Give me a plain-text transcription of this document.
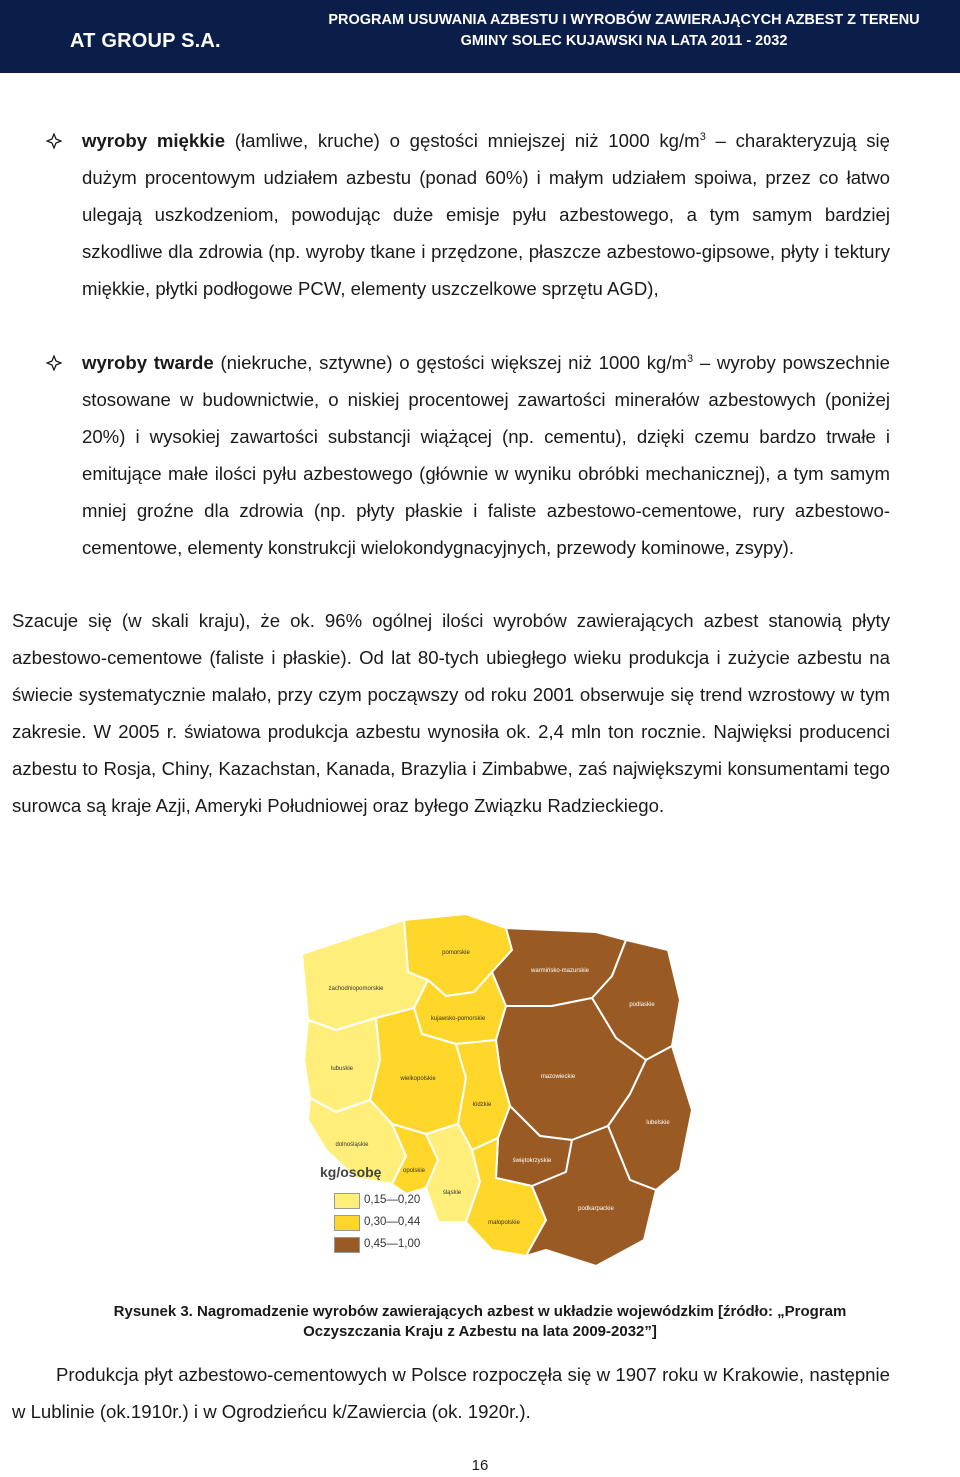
AT GROUP S.A.
PROGRAM USUWANIA AZBESTU I WYROBÓW ZAWIERAJĄCYCH AZBEST Z TERENU
GMINY SOLEC KUJAWSKI NA LATA 2011 - 2032
wyroby miękkie (łamliwe, kruche) o gęstości mniejszej niż 1000 $kg/m^3$ – charakteryzują się dużym procentowym udziałem azbestu (ponad 60%) i małym udziałem spoiwa, przez co łatwo ulegają uszkodzeniom, powodując duże emisje pyłu azbestowego, a tym samym bardziej szkodliwe dla zdrowia (np. wyroby tkane i przędzone, płaszcze azbestowo-gipsowe, płyty i tektury miękkie, płytki podłogowe PCW, elementy uszczelkowe sprzętu AGD),
wyroby twarde (niekruche, sztywne) o gęstości większej niż 1000 $kg/m^3$ – wyroby powszechnie stosowane w budownictwie, o niskiej procentowej zawartości minerałów azbestowych (poniżej 20%) i wysokiej zawartości substancji wiążącej (np. cementu), dzięki czemu bardzo trwałe i emitujące małe ilości pyłu azbestowego (głównie w wyniku obróbki mechanicznej), a tym samym mniej groźne dla zdrowia (np. płyty płaskie i faliste azbestowo-cementowe, rury azbestowo-cementowe, elementy konstrukcji wielokondygnacyjnych, przewody kominowe, zsypy).
Szacuje się (w skali kraju), że ok. 96% ogólnej ilości wyrobów zawierających azbest stanowią płyty azbestowo-cementowe (faliste i płaskie). Od lat 80-tych ubiegłego wieku produkcja i zużycie azbestu na świecie systematycznie malało, przy czym począwszy od roku 2001 obserwuje się trend wzrostowy w tym zakresie. W 2005 r. światowa produkcja azbestu wynosiła ok. 2,4 mln ton rocznie. Najwięksi producenci azbestu to Rosja, Chiny, Kazachstan, Kanada, Brazylia i Zimbabwe, zaś największymi konsumentami tego surowca są kraje Azji, Ameryki Południowej oraz byłego Związku Radzieckiego.
pomorskie
zachodniopomorskie
kujawsko-pomorskie
warmińsko-mazurskie
podlaskie
lubuskie
wielkopolskie	mazowieckie
łódzkie
lubelskie
dolnośląskie
opolskie
śląskie
świętokrzyskie
małopolskie
podkarpackie
kg/osobę
0,15—0,20
0,30—0,44
0,45—1,00
Rysunek 3. Nagromadzenie wyrobów zawierających azbest w układzie wojewódzkim [źródło: „Program
Oczyszczania Kraju z Azbestu na lata 2009-2032”]
Produkcja płyt azbestowo-cementowych w Polsce rozpoczęła się w 1907 roku w Krakowie, następnie w Lublinie (ok.1910r.) i w Ogrodzieńcu k/Zawiercia (ok. 1920r.).
16
